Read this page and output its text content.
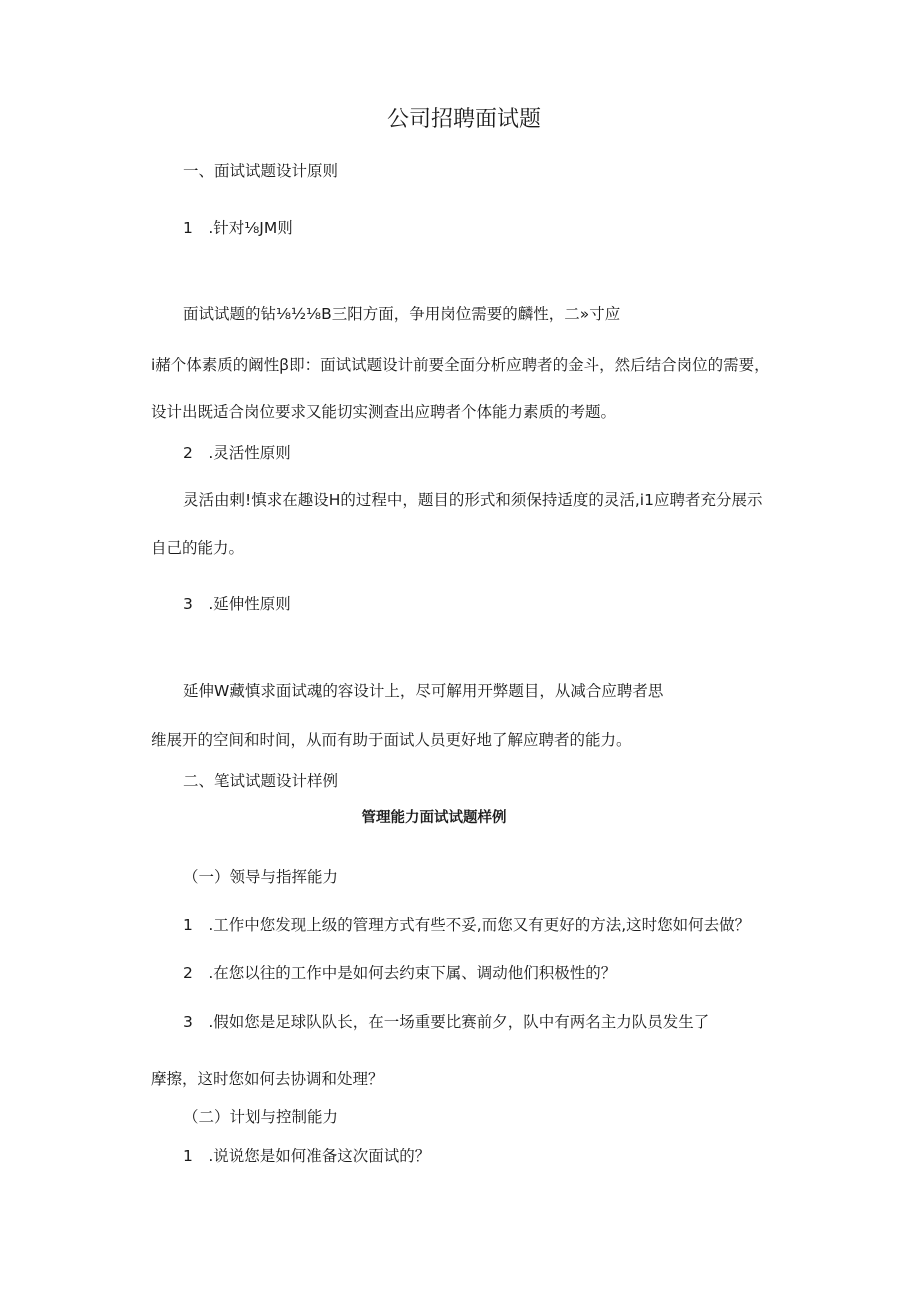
公司招聘面试题
一、面试试题设计原则
1　.针对⅛JM则
面试试题的钻⅛½⅛B三阳方面，争用岗位需要的麟性，二»寸应
i赭个体素质的阚性ꞵ即：面试试题设计前要全面分析应聘者的金斗，然后结合岗位的需要，
设计出既适合岗位要求又能切实测查出应聘者个体能力素质的考题。
2　.灵活性原则
灵活由剌!慎求在趣设H的过程中，题目的形式和须保持适度的灵活,i1应聘者充分展示
自己的能力。
3　.延伸性原则
延伸W藏慎求面试魂的容设计上，尽可解用开弊题目，从减合应聘者思
维展开的空间和时间，从而有助于面试人员更好地了解应聘者的能力。
二、笔试试题设计样例
管理能力面试试题样例
（一）领导与指挥能力
1　.工作中您发现上级的管理方式有些不妥,而您又有更好的方法,这时您如何去做？
2　.在您以往的工作中是如何去约束下属、调动他们积极性的？
3　.假如您是足球队队长，在一场重要比赛前夕，队中有两名主力队员发生了
摩擦，这时您如何去协调和处理？
（二）计划与控制能力
1　.说说您是如何准备这次面试的？
